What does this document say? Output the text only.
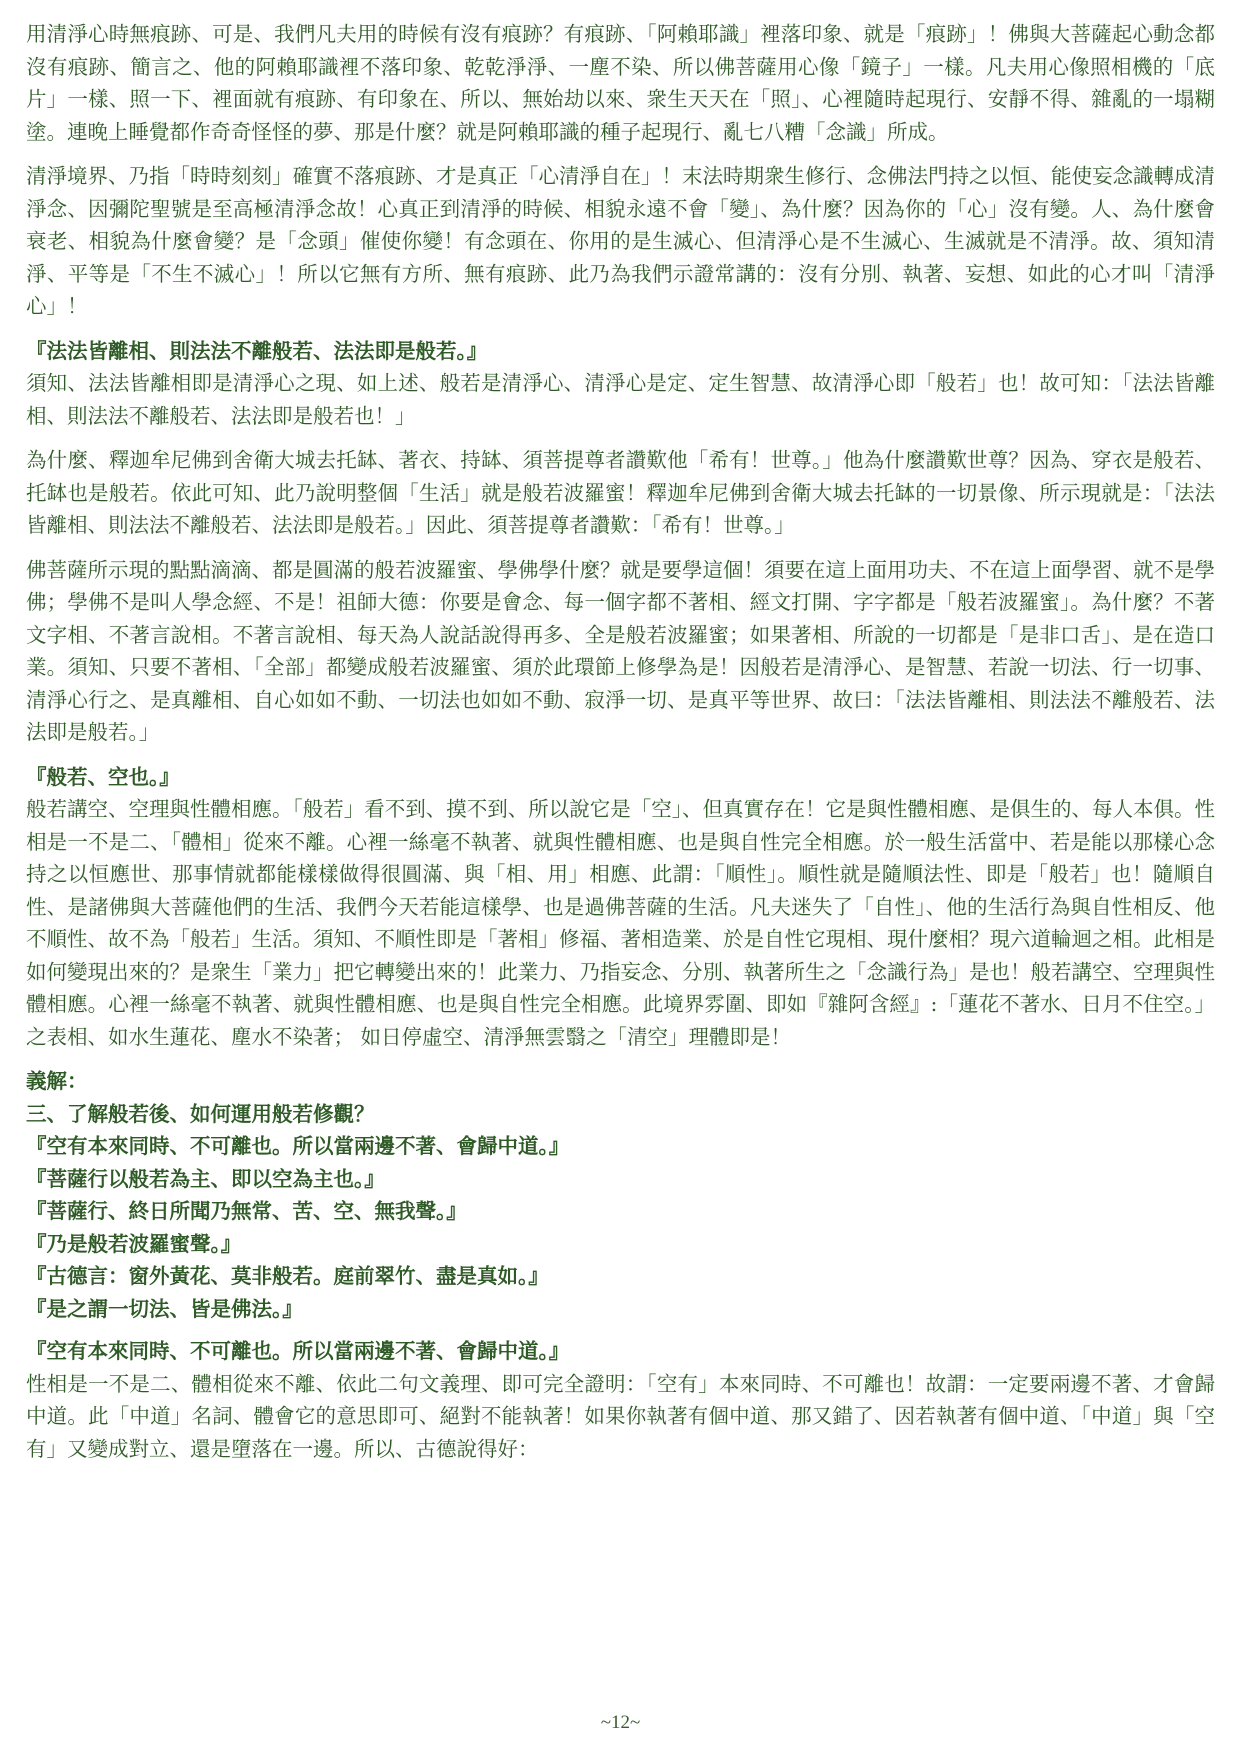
用清淨心時無痕跡、可是、我們凡夫用的時候有沒有痕跡？有痕跡、「阿賴耶識」裡落印象、就是「痕跡」！佛與大菩薩起心動念都沒有痕跡、簡言之、他的阿賴耶識裡不落印象、乾乾淨淨、一塵不染、所以佛菩薩用心像「鏡子」一樣。凡夫用心像照相機的「底片」一樣、照一下、裡面就有痕跡、有印象在、所以、無始劫以來、衆生天天在「照」、心裡隨時起現行、安靜不得、雜亂的一塌糊塗。連晚上睡覺都作奇奇怪怪的夢、那是什麼？就是阿賴耶識的種子起現行、亂七八糟「念識」所成。

清淨境界、乃指「時時刻刻」確實不落痕跡、才是真正「心清淨自在」！末法時期衆生修行、念佛法門持之以恒、能使妄念識轉成清淨念、因彌陀聖號是至高極清淨念故！心真正到清淨的時候、相貌永遠不會「變」、為什麼？因為你的「心」沒有變。人、為什麼會衰老、相貌為什麼會變？是「念頭」催使你變！有念頭在、你用的是生滅心、但清淨心是不生滅心、生滅就是不清淨。故、須知清淨、平等是「不生不滅心」！所以它無有方所、無有痕跡、此乃為我們示證常講的：沒有分別、執著、妄想、如此的心才叫「清淨心」！

『法法皆離相、則法法不離般若、法法即是般若。』

須知、法法皆離相即是清淨心之現、如上述、般若是清淨心、清淨心是定、定生智慧、故清淨心即「般若」也！故可知：「法法皆離相、則法法不離般若、法法即是般若也！」

為什麼、釋迦牟尼佛到舍衛大城去托缽、著衣、持缽、須菩提尊者讚歎他「希有！世尊。」他為什麼讚歎世尊？因為、穿衣是般若、托缽也是般若。依此可知、此乃說明整個「生活」就是般若波羅蜜！釋迦牟尼佛到舍衛大城去托缽的一切景像、所示現就是：「法法皆離相、則法法不離般若、法法即是般若。」因此、須菩提尊者讚歎：「希有！世尊。」

佛菩薩所示現的點點滴滴、都是圓滿的般若波羅蜜、學佛學什麼？就是要學這個！須要在這上面用功夫、不在這上面學習、就不是學佛；學佛不是叫人學念經、不是！祖師大德：你要是會念、每一個字都不著相、經文打開、字字都是「般若波羅蜜」。為什麼？不著文字相、不著言說相。不著言說相、每天為人說話說得再多、全是般若波羅蜜；如果著相、所說的一切都是「是非口舌」、是在造口業。須知、只要不著相、「全部」都變成般若波羅蜜、須於此環節上修學為是！因般若是清淨心、是智慧、若說一切法、行一切事、清淨心行之、是真離相、自心如如不動、一切法也如如不動、寂淨一切、是真平等世界、故曰：「法法皆離相、則法法不離般若、法法即是般若。」

『般若、空也。』

般若講空、空理與性體相應。「般若」看不到、摸不到、所以說它是「空」、但真實存在！它是與性體相應、是俱生的、每人本俱。性相是一不是二、「體相」從來不離。心裡一絲毫不執著、就與性體相應、也是與自性完全相應。於一般生活當中、若是能以那樣心念持之以恒應世、那事情就都能樣樣做得很圓滿、與「相、用」相應、此謂：「順性」。順性就是隨順法性、即是「般若」也！隨順自性、是諸佛與大菩薩他們的生活、我們今天若能這樣學、也是過佛菩薩的生活。凡夫迷失了「自性」、他的生活行為與自性相反、他不順性、故不為「般若」生活。須知、不順性即是「著相」修福、著相造業、於是自性它現相、現什麼相？現六道輪迴之相。此相是如何變現出來的？是衆生「業力」把它轉變出來的！此業力、乃指妄念、分別、執著所生之「念識行為」是也！般若講空、空理與性體相應。心裡一絲毫不執著、就與性體相應、也是與自性完全相應。此境界雰圍、即如『雜阿含經』:「蓮花不著水、日月不住空。」之表相、如水生蓮花、塵水不染著； 如日停虛空、清淨無雲翳之「清空」理體即是！

義解：

三、了解般若後、如何運用般若修觀？

『空有本來同時、不可離也。所以當兩邊不著、會歸中道。』

『菩薩行以般若為主、即以空為主也。』

『菩薩行、終日所聞乃無常、苦、空、無我聲。』

『乃是般若波羅蜜聲。』

『古德言：窗外黃花、莫非般若。庭前翠竹、盡是真如。』

『是之謂一切法、皆是佛法。』

『空有本來同時、不可離也。所以當兩邊不著、會歸中道。』

性相是一不是二、體相從來不離、依此二句文義理、即可完全證明：「空有」本來同時、不可離也！故謂：一定要兩邊不著、才會歸中道。此「中道」名詞、體會它的意思即可、絕對不能執著！如果你執著有個中道、那又錯了、因若執著有個中道、「中道」與「空有」又變成對立、還是墮落在一邊。所以、古德說得好：

~12~
